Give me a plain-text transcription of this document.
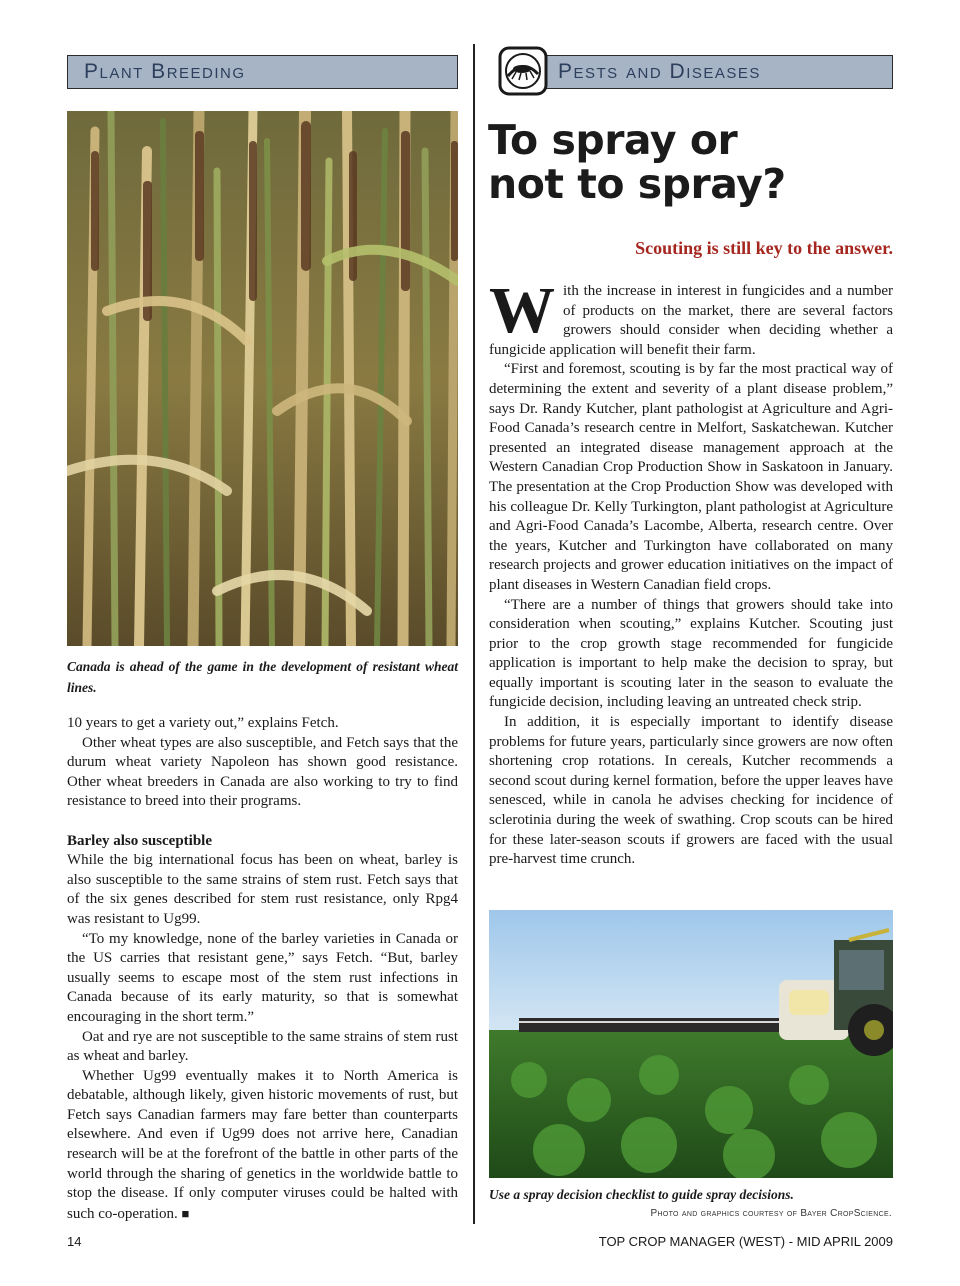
Plant Breeding	Pests and Diseases

Canada is ahead of the game in the development of resistant wheat lines.

10 years to get a variety out,” explains Fetch.

Other wheat types are also susceptible, and Fetch says that the durum wheat variety Napoleon has shown good resistance. Other wheat breeders in Canada are also working to try to find resistance to breed into their programs.

Barley also susceptible

While the big international focus has been on wheat, barley is also susceptible to the same strains of stem rust. Fetch says that of the six genes described for stem rust resistance, only Rpg4 was resistant to Ug99.

“To my knowledge, none of the barley varieties in Canada or the US carries that resistant gene,” says Fetch. “But, barley usually seems to escape most of the stem rust infections in Canada because of its early maturity, so that is somewhat encouraging in the short term.”

Oat and rye are not susceptible to the same strains of stem rust as wheat and barley.

Whether Ug99 eventually makes it to North America is debatable, although likely, given historic movements of rust, but Fetch says Canadian farmers may fare better than counterparts elsewhere. And even if Ug99 does not arrive here, Canadian research will be at the forefront of the battle in other parts of the world through the sharing of genetics in the worldwide battle to stop the disease. If only computer viruses could be halted with such co-operation. ■

To spray or
not to spray?
Scouting is still key to the answer.

With the increase in interest in fungicides and a number of products on the market, there are several factors growers should consider when deciding whether a fungicide application will benefit their farm.

“First and foremost, scouting is by far the most practical way of determining the extent and severity of a plant disease problem,” says Dr. Randy Kutcher, plant pathologist at Agriculture and Agri-Food Canada’s research centre in Melfort, Saskatchewan. Kutcher presented an integrated disease management approach at the Western Canadian Crop Production Show in Saskatoon in January. The presentation at the Crop Production Show was developed with his colleague Dr. Kelly Turkington, plant pathologist at Agriculture and Agri-Food Canada’s Lacombe, Alberta, research centre. Over the years, Kutcher and Turkington have collaborated on many research projects and grower education initiatives on the impact of plant diseases in Western Canadian field crops.

“There are a number of things that growers should take into consideration when scouting,” explains Kutcher. Scouting just prior to the crop growth stage recommended for fungicide application is important to help make the decision to spray, but equally important is scouting later in the season to evaluate the fungicide decision, including leaving an untreated check strip.

In addition, it is especially important to identify disease problems for future years, particularly since growers are now often shortening crop rotations. In cereals, Kutcher recommends a second scout during kernel formation, before the upper leaves have senesced, while in canola he advises checking for incidence of sclerotinia during the week of swathing. Crop scouts can be hired for these later-season scouts if growers are faced with the usual pre-harvest time crunch.

Use a spray decision checklist to guide spray decisions.

Photo and graphics courtesy of Bayer CropScience.
14	TOP CROP MANAGER (WEST) - MID APRIL 2009
